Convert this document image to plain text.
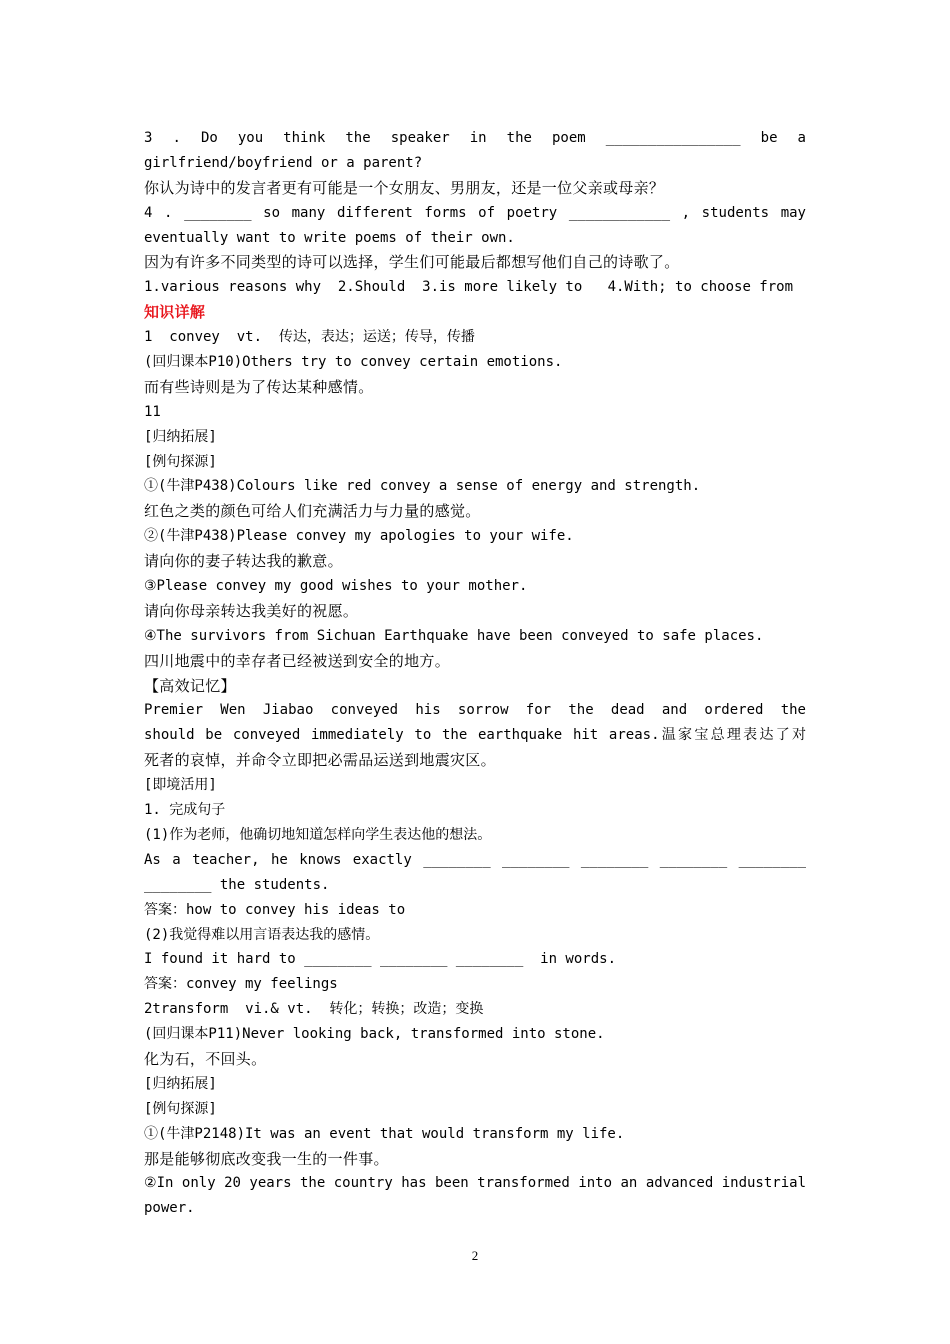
3 . Do you think the speaker in the poem ________________ be a
girlfriend/boyfriend or a parent?
你认为诗中的发言者更有可能是一个女朋友、男朋友，还是一位父亲或母亲？
4 . ________ so many different forms of poetry ____________ , students may
eventually want to write poems of their own.
因为有许多不同类型的诗可以选择，学生们可能最后都想写他们自己的诗歌了。
1.various reasons why  2.Should  3.is more likely to   4.With; to choose from
知识详解
1  convey  vt.  传达，表达；运送；传导，传播
(回归课本P10)Others try to convey certain emotions.
而有些诗则是为了传达某种感情。
11
[归纳拓展]
[例句探源]
①(牛津P438)Colours like red convey a sense of energy and strength.
红色之类的颜色可给人们充满活力与力量的感觉。
②(牛津P438)Please convey my apologies to your wife.
请向你的妻子转达我的歉意。
③Please convey my good wishes to your mother.
请向你母亲转达我美好的祝愿。
④The survivors from Sichuan Earthquake have been conveyed to safe places.
四川地震中的幸存者已经被送到安全的地方。
【高效记忆】
Premier Wen Jiabao conveyed his sorrow for the dead and ordered the
should be conveyed immediately to the earthquake hit areas.温家宝总理表达了对
死者的哀悼，并命令立即把必需品运送到地震灾区。
[即境活用]
1. 完成句子
(1)作为老师，他确切地知道怎样向学生表达他的想法。
As a teacher, he knows exactly ________ ________ ________ ________ ________
________ the students.
答案：how to convey his ideas to
(2)我觉得难以用言语表达我的感情。
I found it hard to ________ ________ ________  in words.
答案：convey my feelings
2transform  vi.& vt.  转化；转换；改造；变换
(回归课本P11)Never looking back, transformed into stone.
化为石，不回头。
[归纳拓展]
[例句探源]
①(牛津P2148)It was an event that would transform my life.
那是能够彻底改变我一生的一件事。
②In only 20 years the country has been transformed into an advanced industrial
power.
2
